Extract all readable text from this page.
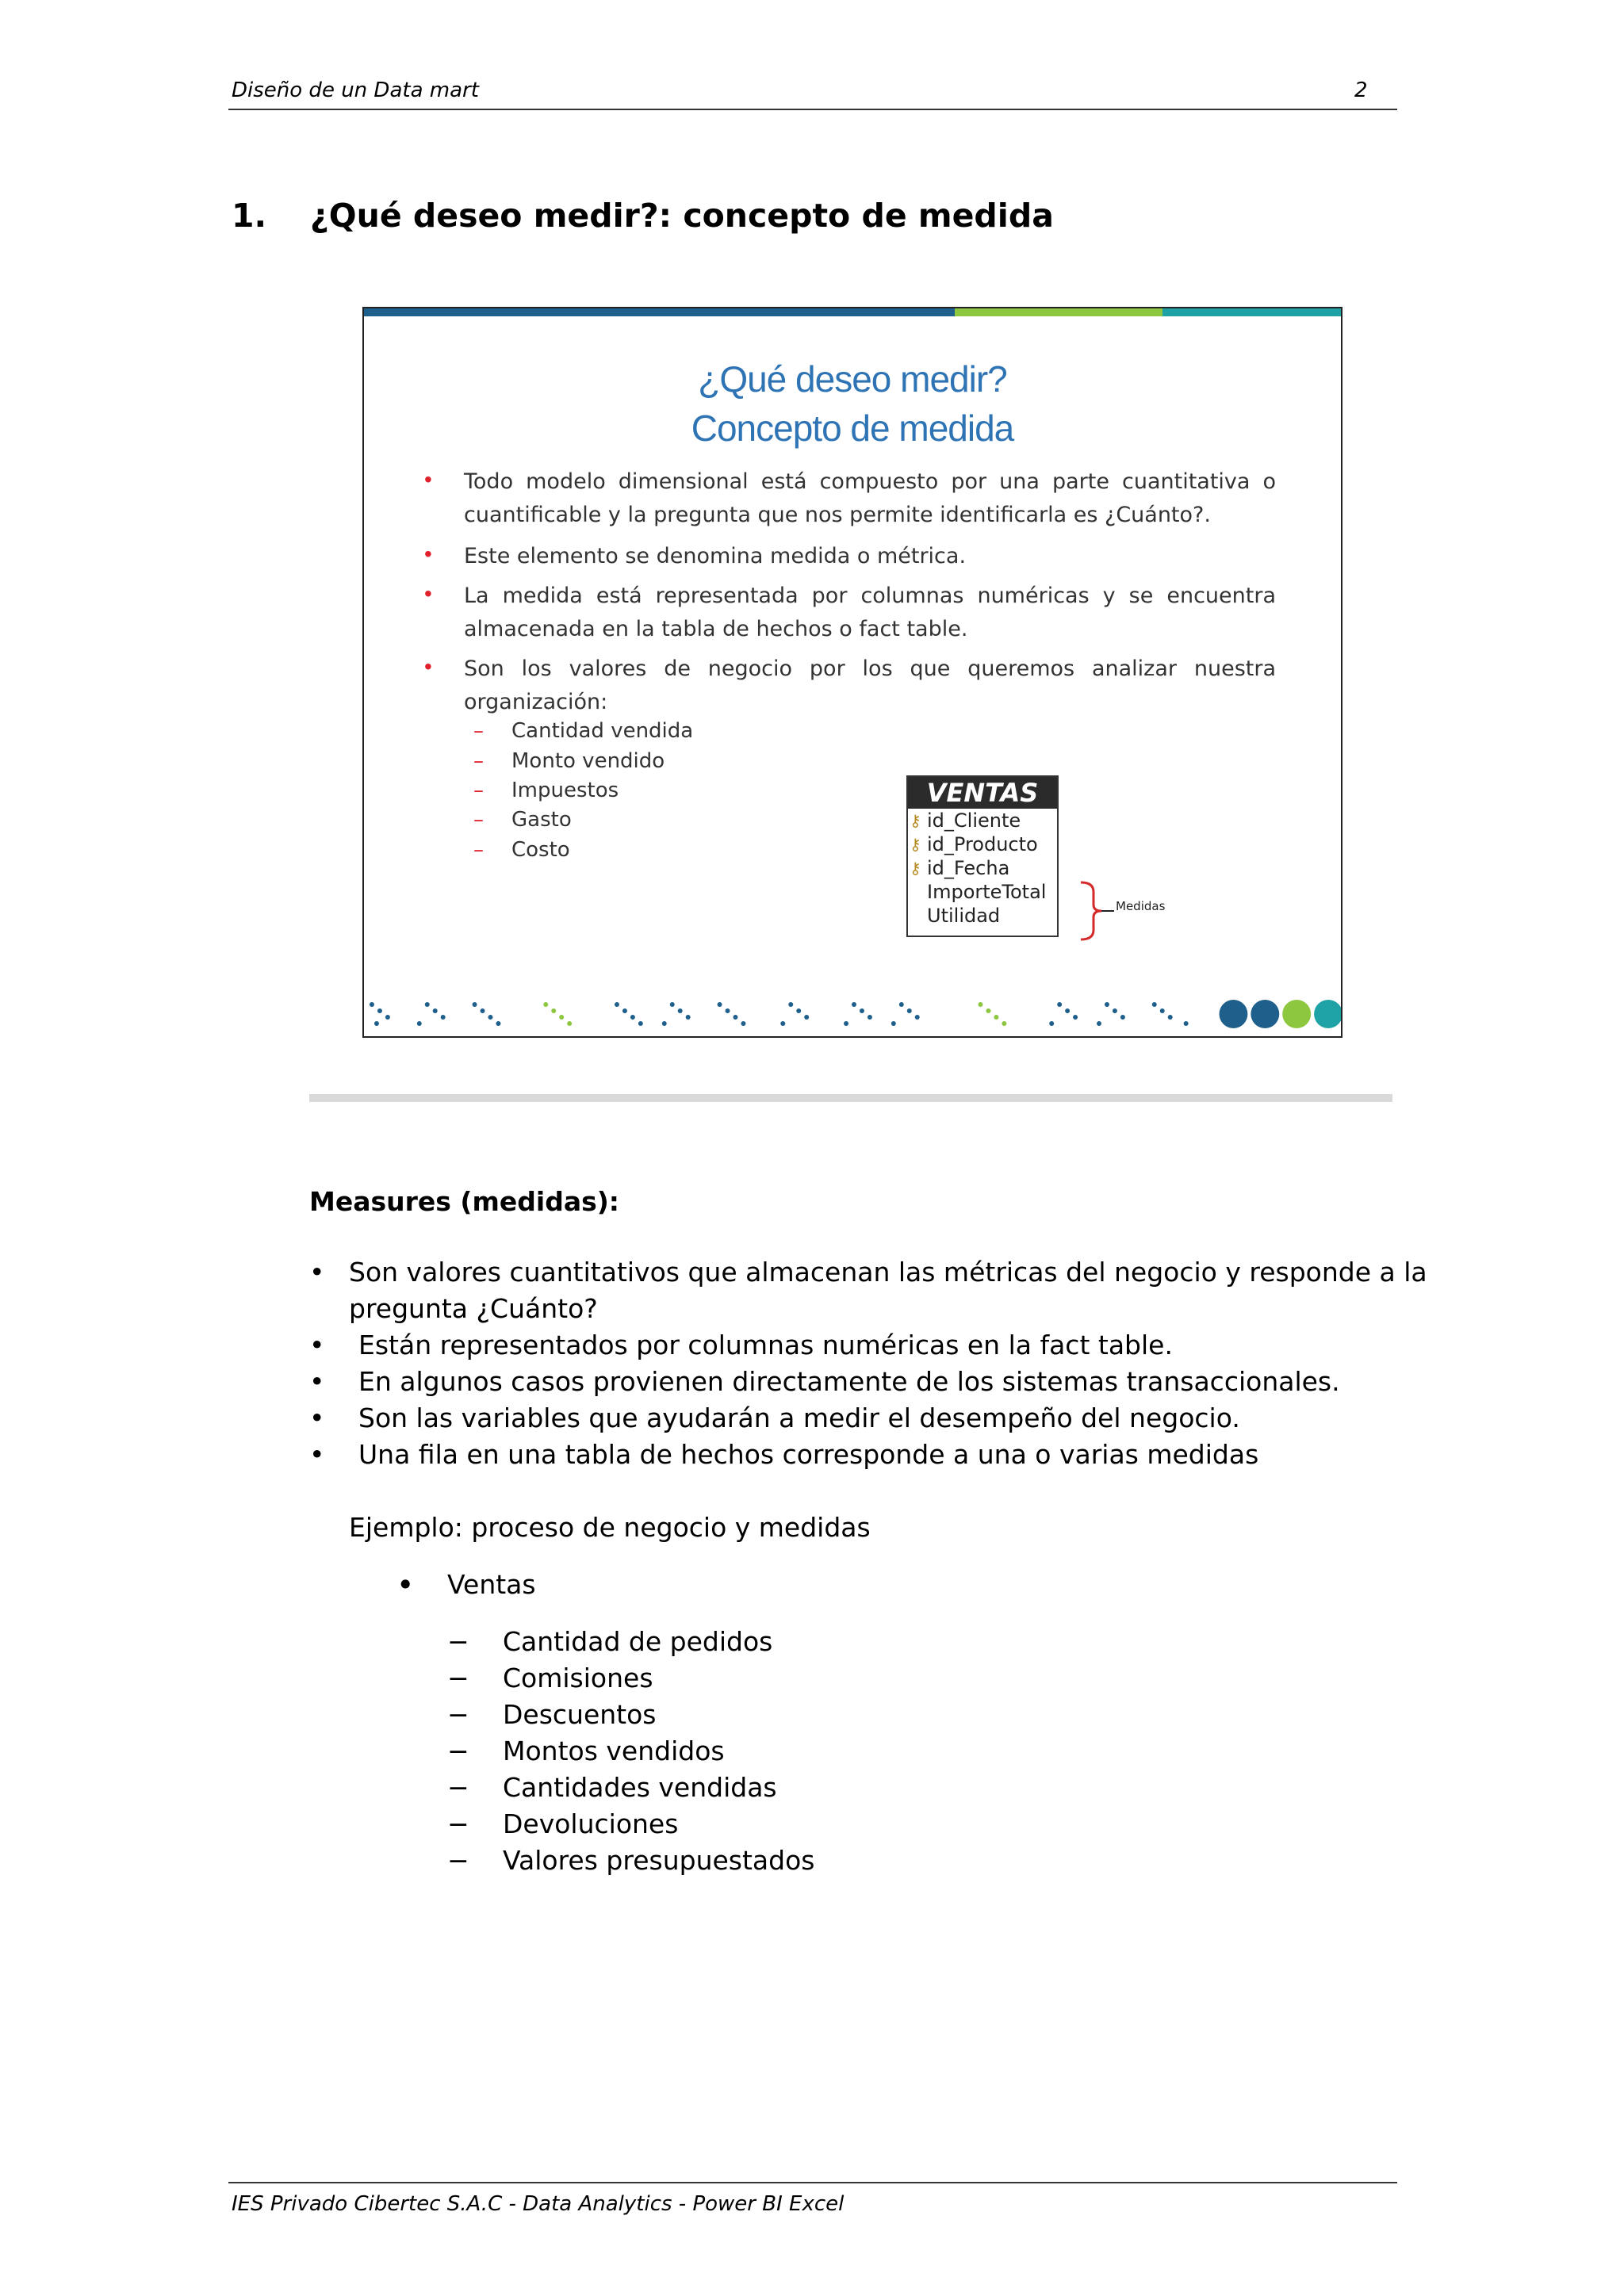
Diseño de un Data mart	2
1. ¿Qué deseo medir?: concepto de medida
¿Qué deseo medir?
Concepto de medida
• Todo modelo dimensional está compuesto por una parte cuantitativa o cuantificable y la pregunta que nos permite identificarla es ¿Cuánto?.
• Este elemento se denomina medida o métrica.
• La medida está representada por columnas numéricas y se encuentra almacenada en la tabla de hechos o fact table.
• Son los valores de negocio por los que queremos analizar nuestra organización:
– Cantidad vendida
– Monto vendido
– Impuestos
– Gasto
– Costo
VENTAS
⚷ id_Cliente
⚷ id_Producto
⚷ id_Fecha
ImporteTotal
Utilidad	Medidas
Measures (medidas):
• Son valores cuantitativos que almacenan las métricas del negocio y responde a la pregunta ¿Cuánto?
• Están representados por columnas numéricas en la fact table.
• En algunos casos provienen directamente de los sistemas transaccionales.
• Son las variables que ayudarán a medir el desempeño del negocio.
• Una fila en una tabla de hechos corresponde a una o varias medidas
Ejemplo: proceso de negocio y medidas
• Ventas
− Cantidad de pedidos
− Comisiones
− Descuentos
− Montos vendidos
− Cantidades vendidas
− Devoluciones
− Valores presupuestados
IES Privado Cibertec S.A.C - Data Analytics - Power BI Excel
